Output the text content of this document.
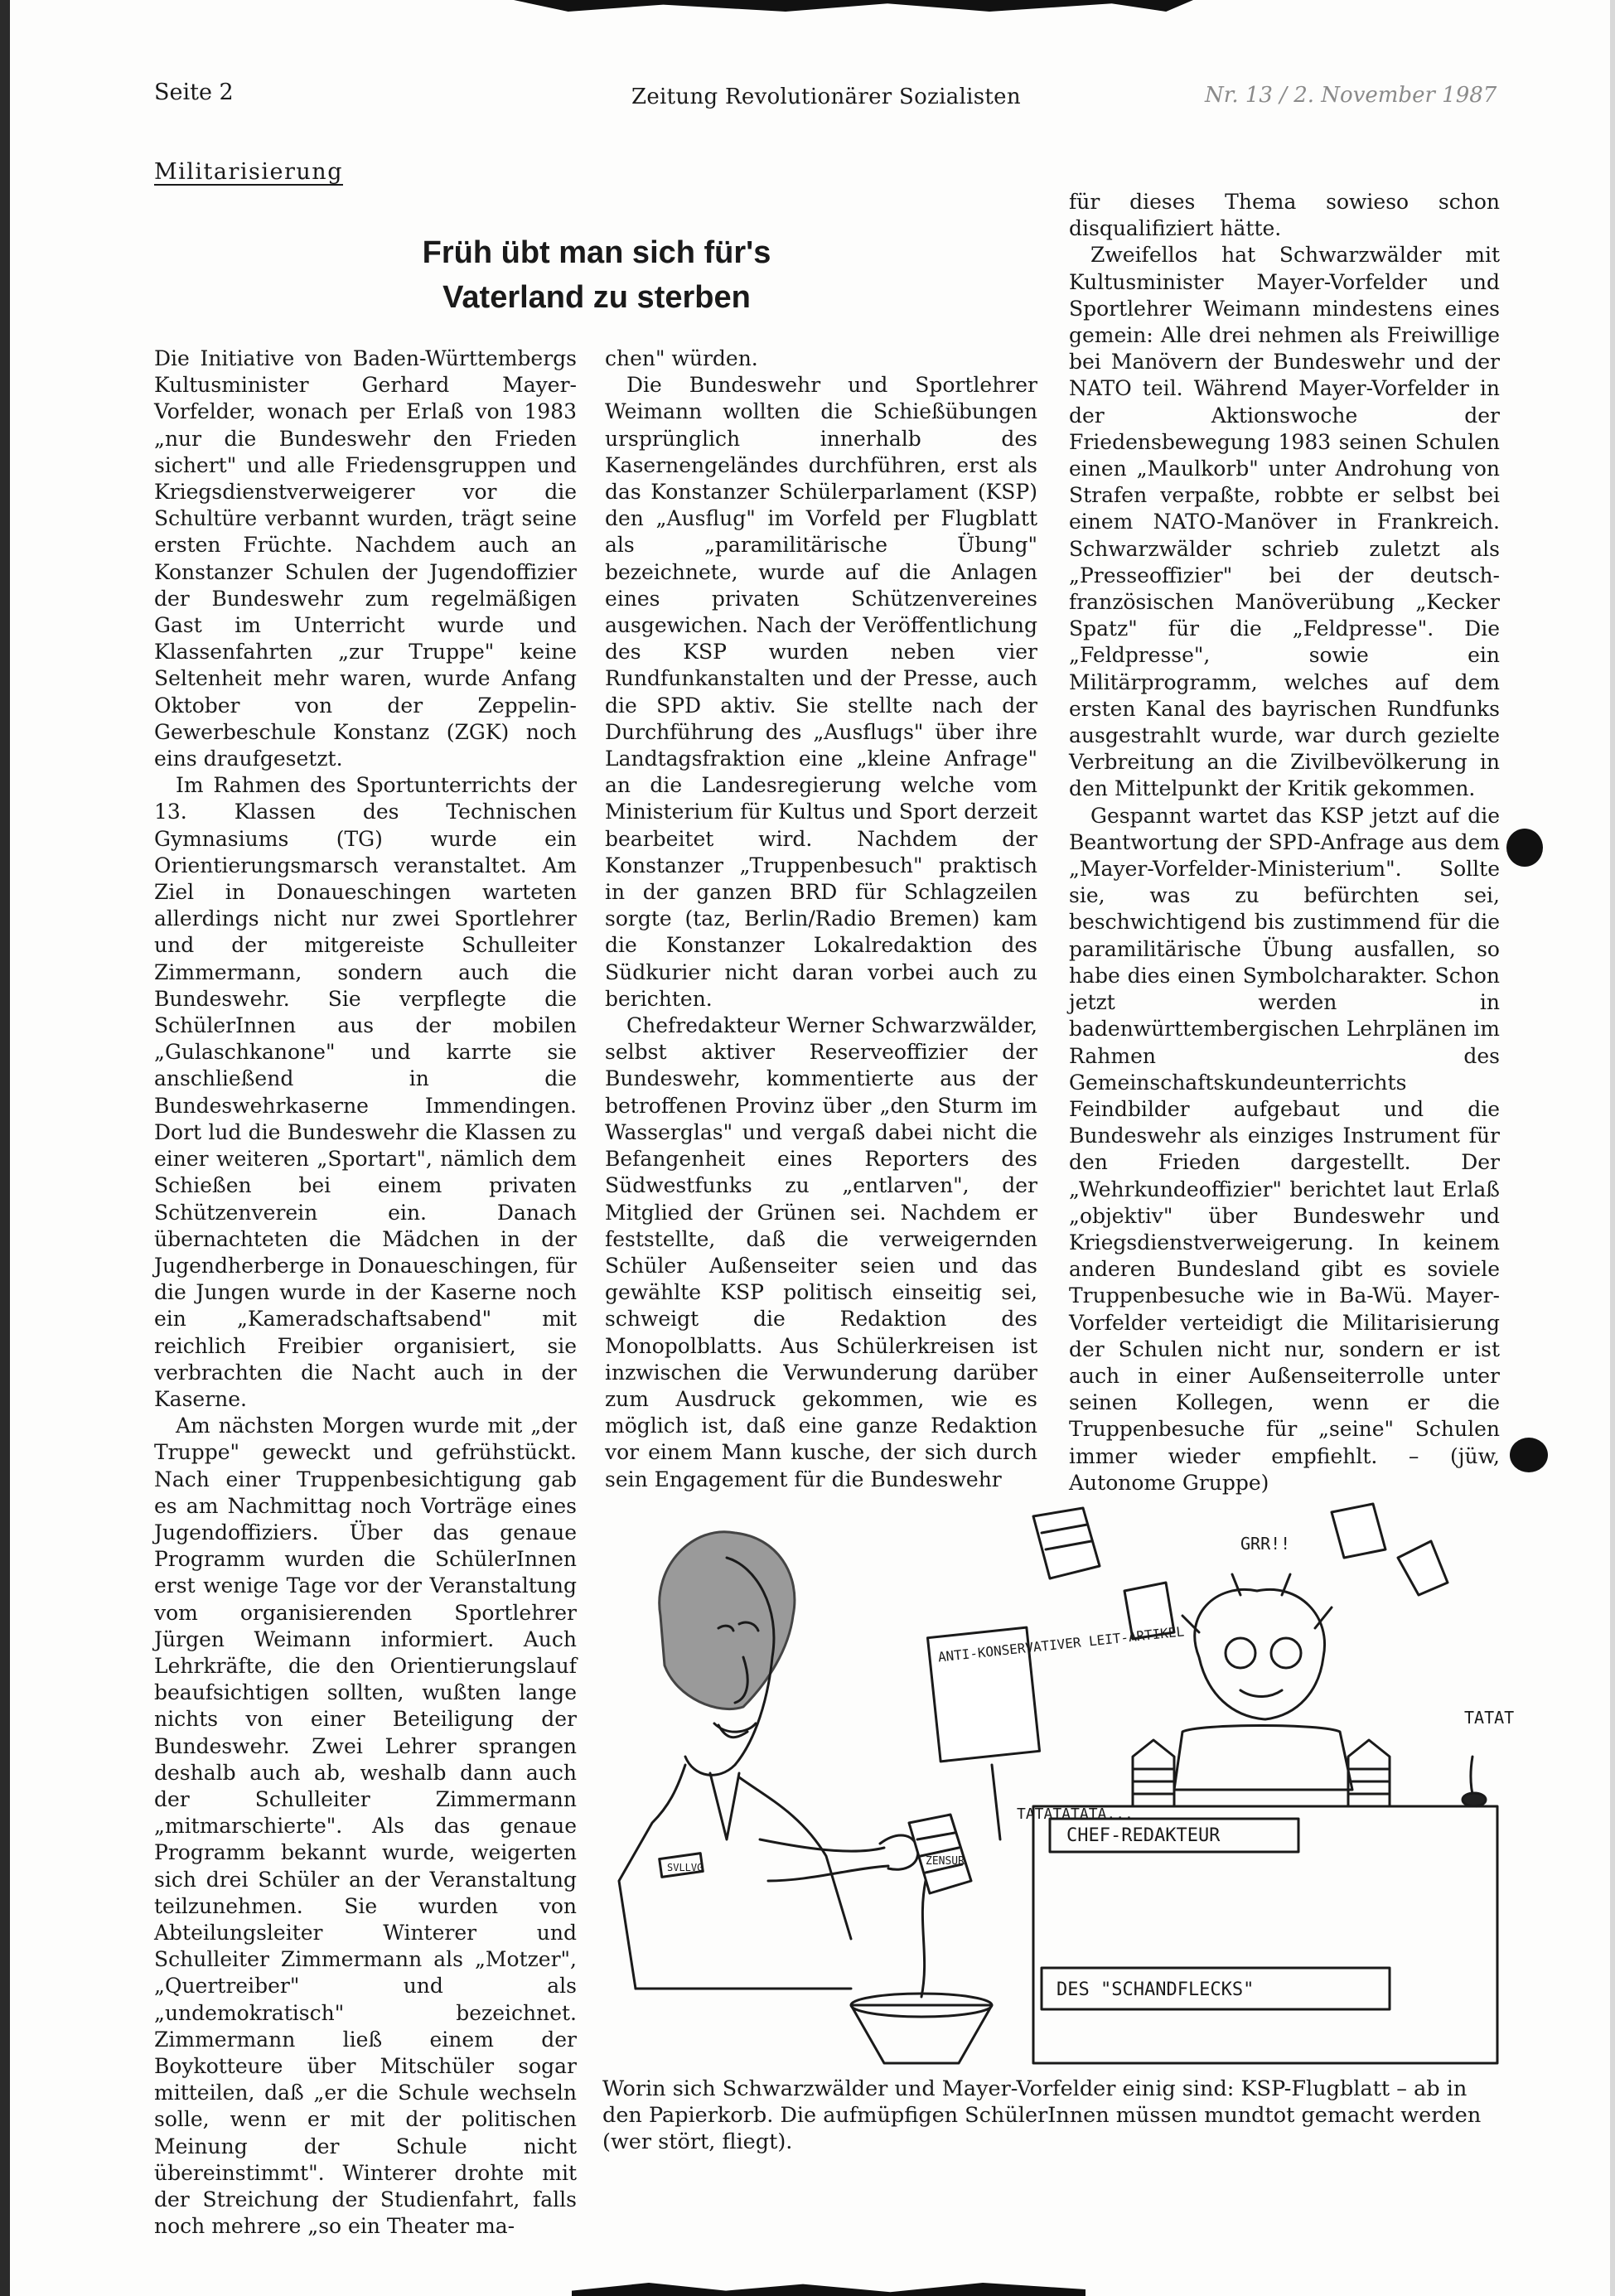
Seite 2	Zeitung Revolutionärer Sozialisten	Nr. 13 / 2. November 1987
Militarisierung
Früh übt man sich für's
Vaterland zu sterben

Die Initiative von Baden-Württembergs Kultusminister Gerhard Mayer-Vorfelder, wonach per Erlaß von 1983 „nur die Bundeswehr den Frieden sichert" und alle Friedensgruppen und Kriegsdienstverweigerer vor die Schultüre verbannt wurden, trägt seine ersten Früchte. Nachdem auch an Konstanzer Schulen der Jugendoffizier der Bundeswehr zum regelmäßigen Gast im Unterricht wurde und Klassenfahrten „zur Truppe" keine Seltenheit mehr waren, wurde Anfang Oktober von der Zeppelin-Gewerbeschule Konstanz (ZGK) noch eins draufgesetzt.

Im Rahmen des Sportunterrichts der 13. Klassen des Technischen Gymnasiums (TG) wurde ein Orientierungsmarsch veranstaltet. Am Ziel in Donaueschingen warteten allerdings nicht nur zwei Sportlehrer und der mitgereiste Schulleiter Zimmermann, sondern auch die Bundeswehr. Sie verpflegte die SchülerInnen aus der mobilen „Gulaschkanone" und karrte sie anschließend in die Bundeswehrkaserne Immendingen. Dort lud die Bundeswehr die Klassen zu einer weiteren „Sportart", nämlich dem Schießen bei einem privaten Schützenverein ein. Danach übernachteten die Mädchen in der Jugendherberge in Donaueschingen, für die Jungen wurde in der Kaserne noch ein „Kameradschaftsabend" mit reichlich Freibier organisiert, sie verbrachten die Nacht auch in der Kaserne.

Am nächsten Morgen wurde mit „der Truppe" geweckt und gefrühstückt. Nach einer Truppenbesichtigung gab es am Nachmittag noch Vorträge eines Jugendoffiziers. Über das genaue Programm wurden die SchülerInnen erst wenige Tage vor der Veranstaltung vom organisierenden Sportlehrer Jürgen Weimann informiert. Auch Lehrkräfte, die den Orientierungslauf beaufsichtigen sollten, wußten lange nichts von einer Beteiligung der Bundeswehr. Zwei Lehrer sprangen deshalb auch ab, weshalb dann auch der Schulleiter Zimmermann „mitmarschierte". Als das genaue Programm bekannt wurde, weigerten sich drei Schüler an der Veranstaltung teilzunehmen. Sie wurden von Abteilungsleiter Winterer und Schulleiter Zimmermann als „Motzer", „Quertreiber" und als „undemokratisch" bezeichnet. Zimmermann ließ einem der Boykotteure über Mitschüler sogar mitteilen, daß „er die Schule wechseln solle, wenn er mit der politischen Meinung der Schule nicht übereinstimmt". Winterer drohte mit der Streichung der Studienfahrt, falls noch mehrere „so ein Theater ma-

chen" würden.

Die Bundeswehr und Sportlehrer Weimann wollten die Schießübungen ursprünglich innerhalb des Kasernengeländes durchführen, erst als das Konstanzer Schülerparlament (KSP) den „Ausflug" im Vorfeld per Flugblatt als „paramilitärische Übung" bezeichnete, wurde auf die Anlagen eines privaten Schützenvereines ausgewichen. Nach der Veröffentlichung des KSP wurden neben vier Rundfunkanstalten und der Presse, auch die SPD aktiv. Sie stellte nach der Durchführung des „Ausflugs" über ihre Landtagsfraktion eine „kleine Anfrage" an die Landesregierung welche vom Ministerium für Kultus und Sport derzeit bearbeitet wird. Nachdem der Konstanzer „Truppenbesuch" praktisch in der ganzen BRD für Schlagzeilen sorgte (taz, Berlin/Radio Bremen) kam die Konstanzer Lokalredaktion des Südkurier nicht daran vorbei auch zu berichten.

Chefredakteur Werner Schwarzwälder, selbst aktiver Reserveoffizier der Bundeswehr, kommentierte aus der betroffenen Provinz über „den Sturm im Wasserglas" und vergaß dabei nicht die Befangenheit eines Reporters des Südwestfunks zu „entlarven", der Mitglied der Grünen sei. Nachdem er feststellte, daß die verweigernden Schüler Außenseiter seien und das gewählte KSP politisch einseitig sei, schweigt die Redaktion des Monopolblatts. Aus Schülerkreisen ist inzwischen die Verwunderung darüber zum Ausdruck gekommen, wie es möglich ist, daß eine ganze Redaktion vor einem Mann kusche, der sich durch sein Engagement für die Bundeswehr

für dieses Thema sowieso schon disqualifiziert hätte.

Zweifellos hat Schwarzwälder mit Kultusminister Mayer-Vorfelder und Sportlehrer Weimann mindestens eines gemein: Alle drei nehmen als Freiwillige bei Manövern der Bundeswehr und der NATO teil. Während Mayer-Vorfelder in der Aktionswoche der Friedensbewegung 1983 seinen Schulen einen „Maulkorb" unter Androhung von Strafen verpaßte, robbte er selbst bei einem NATO-Manöver in Frankreich. Schwarzwälder schrieb zuletzt als „Presseoffizier" bei der deutsch-französischen Manöverübung „Kecker Spatz" für die „Feldpresse". Die „Feldpresse", sowie ein Militärprogramm, welches auf dem ersten Kanal des bayrischen Rundfunks ausgestrahlt wurde, war durch gezielte Verbreitung an die Zivilbevölkerung in den Mittelpunkt der Kritik gekommen.

Gespannt wartet das KSP jetzt auf die Beantwortung der SPD-Anfrage aus dem „Mayer-Vorfelder-Ministerium". Sollte sie, was zu befürchten sei, beschwichtigend bis zustimmend für die paramilitärische Übung ausfallen, so habe dies einen Symbolcharakter. Schon jetzt werden in badenwürttembergischen Lehrplänen im Rahmen des Gemeinschaftskundeunterrichts Feindbilder aufgebaut und die Bundeswehr als einziges Instrument für den Frieden dargestellt. Der „Wehrkundeoffizier" berichtet laut Erlaß „objektiv" über Bundeswehr und Kriegsdienstverweigerung. In keinem anderen Bundesland gibt es soviele Truppenbesuche wie in Ba-Wü. Mayer-Vorfelder verteidigt die Militarisierung der Schulen nicht nur, sondern er ist auch in einer Außenseiterrolle unter seinen Kollegen, wenn er die Truppenbesuche für „seine" Schulen immer wieder empfiehlt. – (jüw, Autonome Gruppe)

ANTI-KONSERVATIVER LEIT-ARTIKEL
TATATATATA...
TATAT
GRR!!
ZENSUR
SVLLVG
CHEF-REDAKTEUR
DES "SCHANDFLECKS"
Worin sich Schwarzwälder und Mayer-Vorfelder einig sind: KSP-Flugblatt – ab in den Papierkorb. Die aufmüpfigen SchülerInnen müssen mundtot gemacht werden (wer stört, fliegt).
